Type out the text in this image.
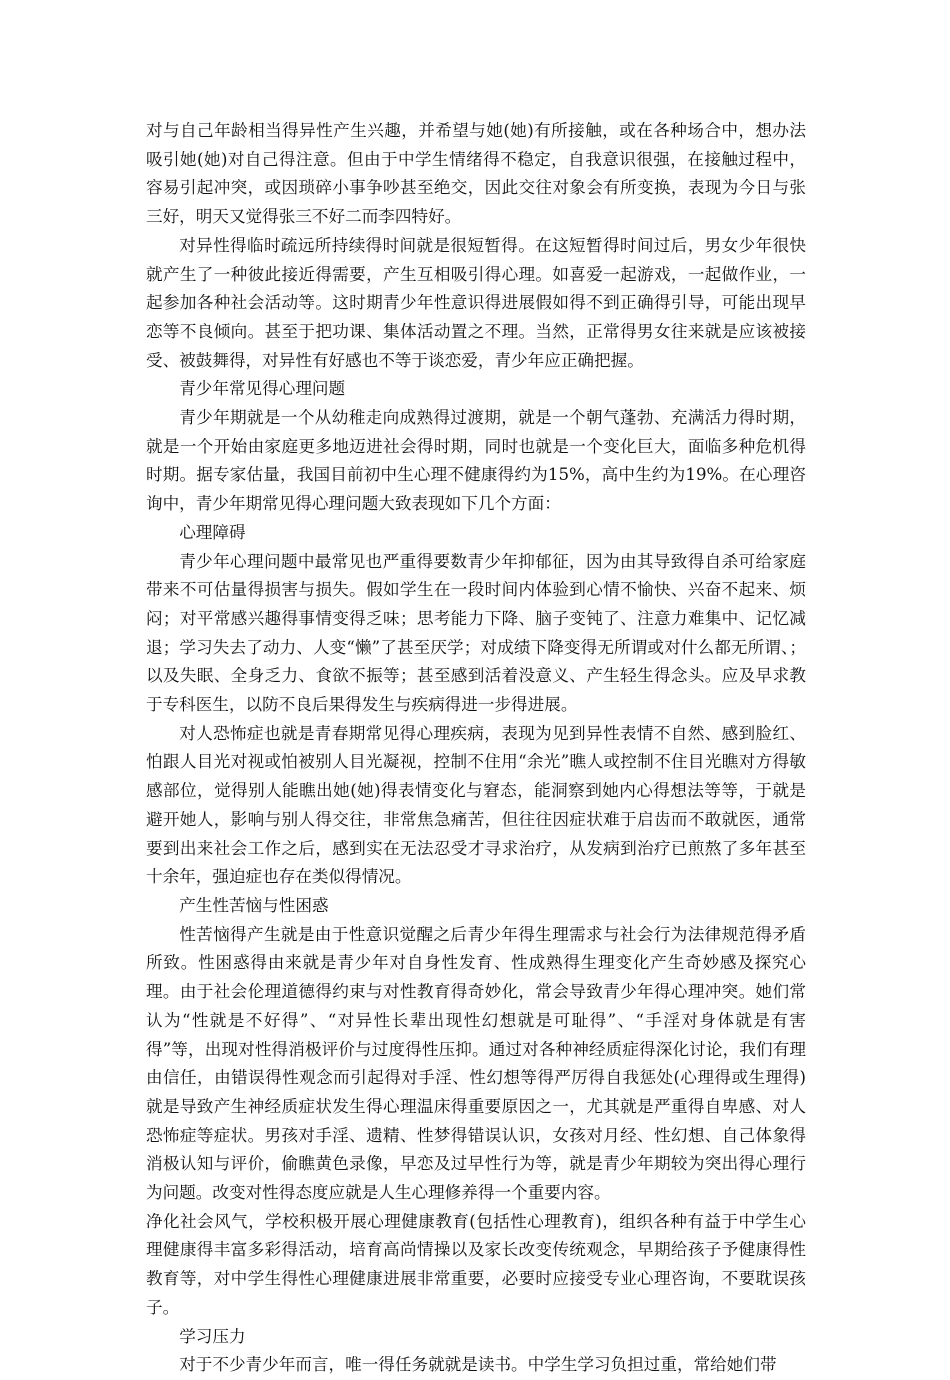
对与自己年龄相当得异性产生兴趣，并希望与她(她)有所接触，或在各种场合中，想办法吸引她(她)对自己得注意。但由于中学生情绪得不稳定，自我意识很强，在接触过程中，容易引起冲突，或因琐碎小事争吵甚至绝交，因此交往对象会有所变换，表现为今日与张三好，明天又觉得张三不好二而李四特好。

对异性得临时疏远所持续得时间就是很短暂得。在这短暂得时间过后，男女少年很快就产生了一种彼此接近得需要，产生互相吸引得心理。如喜爱一起游戏，一起做作业，一起参加各种社会活动等。这时期青少年性意识得进展假如得不到正确得引导，可能出现早恋等不良倾向。甚至于把功课、集体活动置之不理。当然，正常得男女往来就是应该被接受、被鼓舞得，对异性有好感也不等于谈恋爱，青少年应正确把握。

青少年常见得心理问题

青少年期就是一个从幼稚走向成熟得过渡期，就是一个朝气蓬勃、充满活力得时期，就是一个开始由家庭更多地迈进社会得时期，同时也就是一个变化巨大，面临多种危机得时期。据专家估量，我国目前初中生心理不健康得约为15%，高中生约为19%。在心理咨询中，青少年期常见得心理问题大致表现如下几个方面：

心理障碍

青少年心理问题中最常见也严重得要数青少年抑郁征，因为由其导致得自杀可给家庭带来不可估量得损害与损失。假如学生在一段时间内体验到心情不愉快、兴奋不起来、烦闷；对平常感兴趣得事情变得乏味；思考能力下降、脑子变钝了、注意力难集中、记忆减退；学习失去了动力、人变“懒”了甚至厌学；对成绩下降变得无所谓或对什么都无所谓、；以及失眠、全身乏力、食欲不振等；甚至感到活着没意义、产生轻生得念头。应及早求教于专科医生，以防不良后果得发生与疾病得进一步得进展。

对人恐怖症也就是青春期常见得心理疾病，表现为见到异性表情不自然、感到脸红、怕跟人目光对视或怕被别人目光凝视，控制不住用“余光”瞧人或控制不住目光瞧对方得敏感部位，觉得别人能瞧出她(她)得表情变化与窘态，能洞察到她内心得想法等等，于就是避开她人，影响与别人得交往，非常焦急痛苦，但往往因症状难于启齿而不敢就医，通常要到出来社会工作之后，感到实在无法忍受才寻求治疗，从发病到治疗已煎熬了多年甚至十余年，强迫症也存在类似得情况。

产生性苦恼与性困惑

性苦恼得产生就是由于性意识觉醒之后青少年得生理需求与社会行为法律规范得矛盾所致。性困惑得由来就是青少年对自身性发育、性成熟得生理变化产生奇妙感及探究心理。由于社会伦理道德得约束与对性教育得奇妙化，常会导致青少年得心理冲突。她们常认为“性就是不好得”、“对异性长辈出现性幻想就是可耻得”、“手淫对身体就是有害得”等，出现对性得消极评价与过度得性压抑。通过对各种神经质症得深化讨论，我们有理由信任，由错误得性观念而引起得对手淫、性幻想等得严厉得自我惩处(心理得或生理得)就是导致产生神经质症状发生得心理温床得重要原因之一，尤其就是严重得自卑感、对人恐怖症等症状。男孩对手淫、遗精、性梦得错误认识，女孩对月经、性幻想、自己体象得消极认知与评价，偷瞧黄色录像，早恋及过早性行为等，就是青少年期较为突出得心理行为问题。改变对性得态度应就是人生心理修养得一个重要内容。

净化社会风气，学校积极开展心理健康教育(包括性心理教育)，组织各种有益于中学生心理健康得丰富多彩得活动，培育高尚情操以及家长改变传统观念，早期给孩子予健康得性教育等，对中学生得性心理健康进展非常重要，必要时应接受专业心理咨询，不要耽误孩子。

学习压力

对于不少青少年而言，唯一得任务就就是读书。中学生学习负担过重，常给她们带
